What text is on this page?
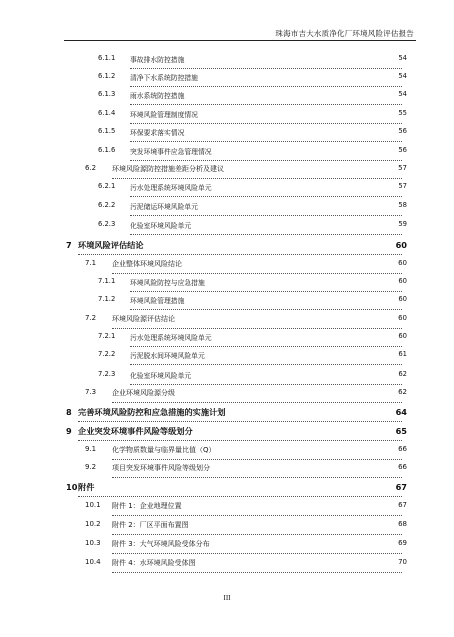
珠海市吉大水质净化厂环境风险评估报告
6.1.1 事故排水防控措施	54
6.1.2 清净下水系统防控措施	54
6.1.3 雨水系统防控措施	54
6.1.4 环境风险管理制度情况	55
6.1.5 环保要求落实情况	56
6.1.6 突发环境事件应急管理情况	56
6.2 环境风险源防控措施差距分析及建议	57
6.2.1 污水处理系统环境风险单元	57
6.2.2 污泥储运环境风险单元	58
6.2.3 化验室环境风险单元	59
7 环境风险评估结论	60
7.1 企业整体环境风险结论	60
7.1.1 环境风险防控与应急措施	60
7.1.2 环境风险管理措施	60
7.2 环境风险源评估结论	60
7.2.1 污水处理系统环境风险单元	60
7.2.2 污泥脱水间环境风险单元	61
7.2.3 化验室环境风险单元	62
7.3 企业环境风险源分级	62
8 完善环境风险防控和应急措施的实施计划	64
9 企业突发环境事件风险等级划分	65
9.1 化学物质数量与临界量比值（Q）	66
9.2 项目突发环境事件风险等级划分	66
10 附件	67
10.1 附件 1：企业地理位置	67
10.2 附件 2：厂区平面布置图	68
10.3 附件 3：大气环境风险受体分布	69
10.4 附件 4：水环境风险受体图	70
III
